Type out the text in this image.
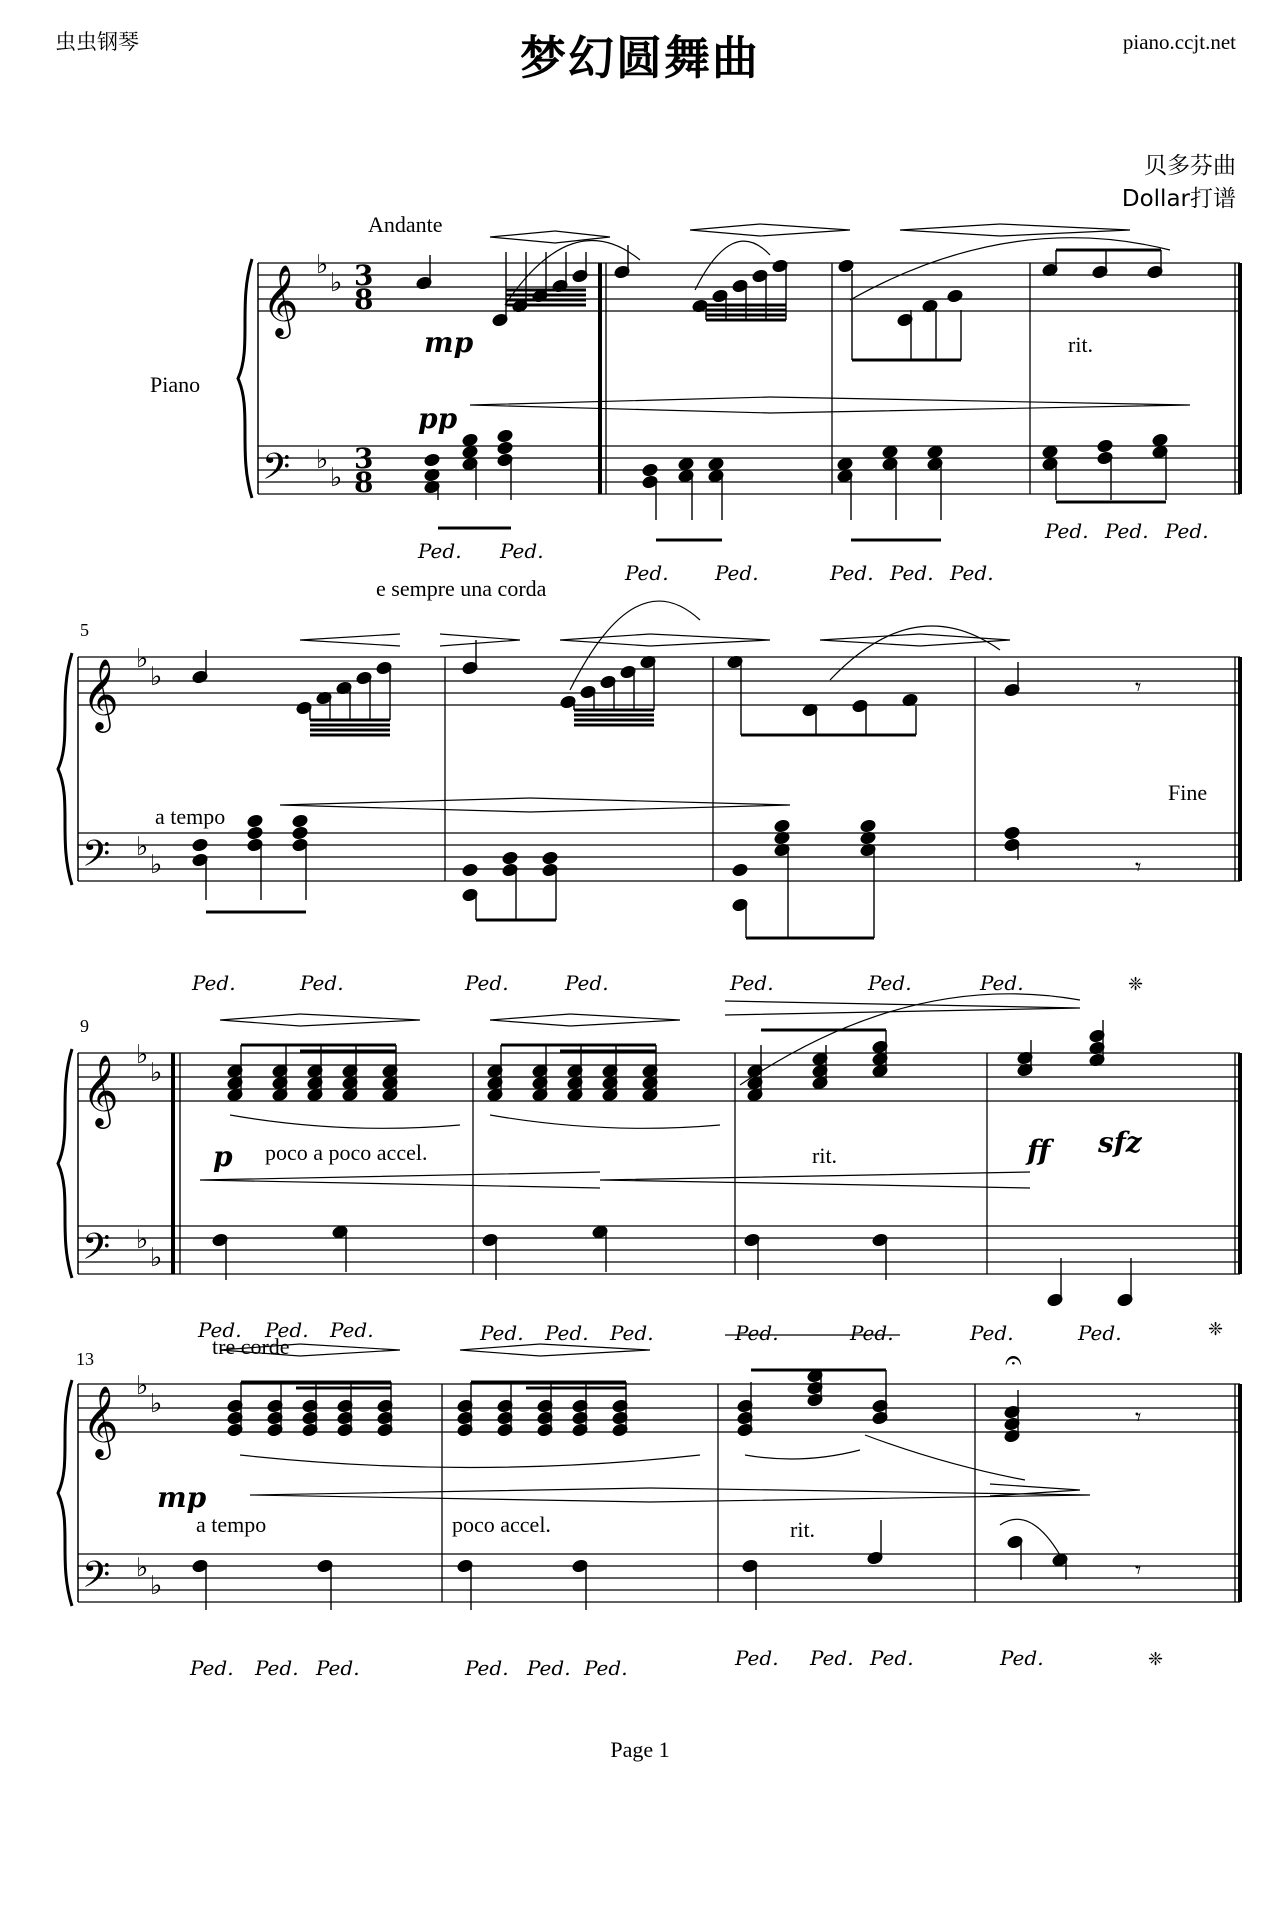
虫虫钢琴	梦幻圆舞曲	piano.ccjt.net
贝多芬曲
Dollar打谱
𝄞
𝄢
♭
♭
♭
♭
𝄞
𝄢
♭
♭
♭
♭
𝄞
𝄢
♭
♭
♭
♭
𝄞
𝄢
♭
♭
♭
♭
3
8
3
8
𝄾
𝄾
𝄾
𝄐
𝄾
Piano
Andante
e sempre una corda
rit.
a tempo
Fine
poco a poco accel.	rit.
tre corde
a tempo	poco accel.	rit.
mp
pp
p	ff sfz
mp
5
9
13
Ped. Ped.
Ped. Ped.	Ped. Ped. Ped.
Ped. Ped. Ped.
Ped.	Ped.	Ped.	Ped.	Ped.	Ped.	Ped.
Ped. Ped. Ped.	Ped. Ped. Ped.	Ped.	Ped.	Ped.	Ped.
Ped. Ped. Ped.	Ped. Ped. Ped.	Ped. Ped. Ped.	Ped.
❈
❈
❈
Page 1
